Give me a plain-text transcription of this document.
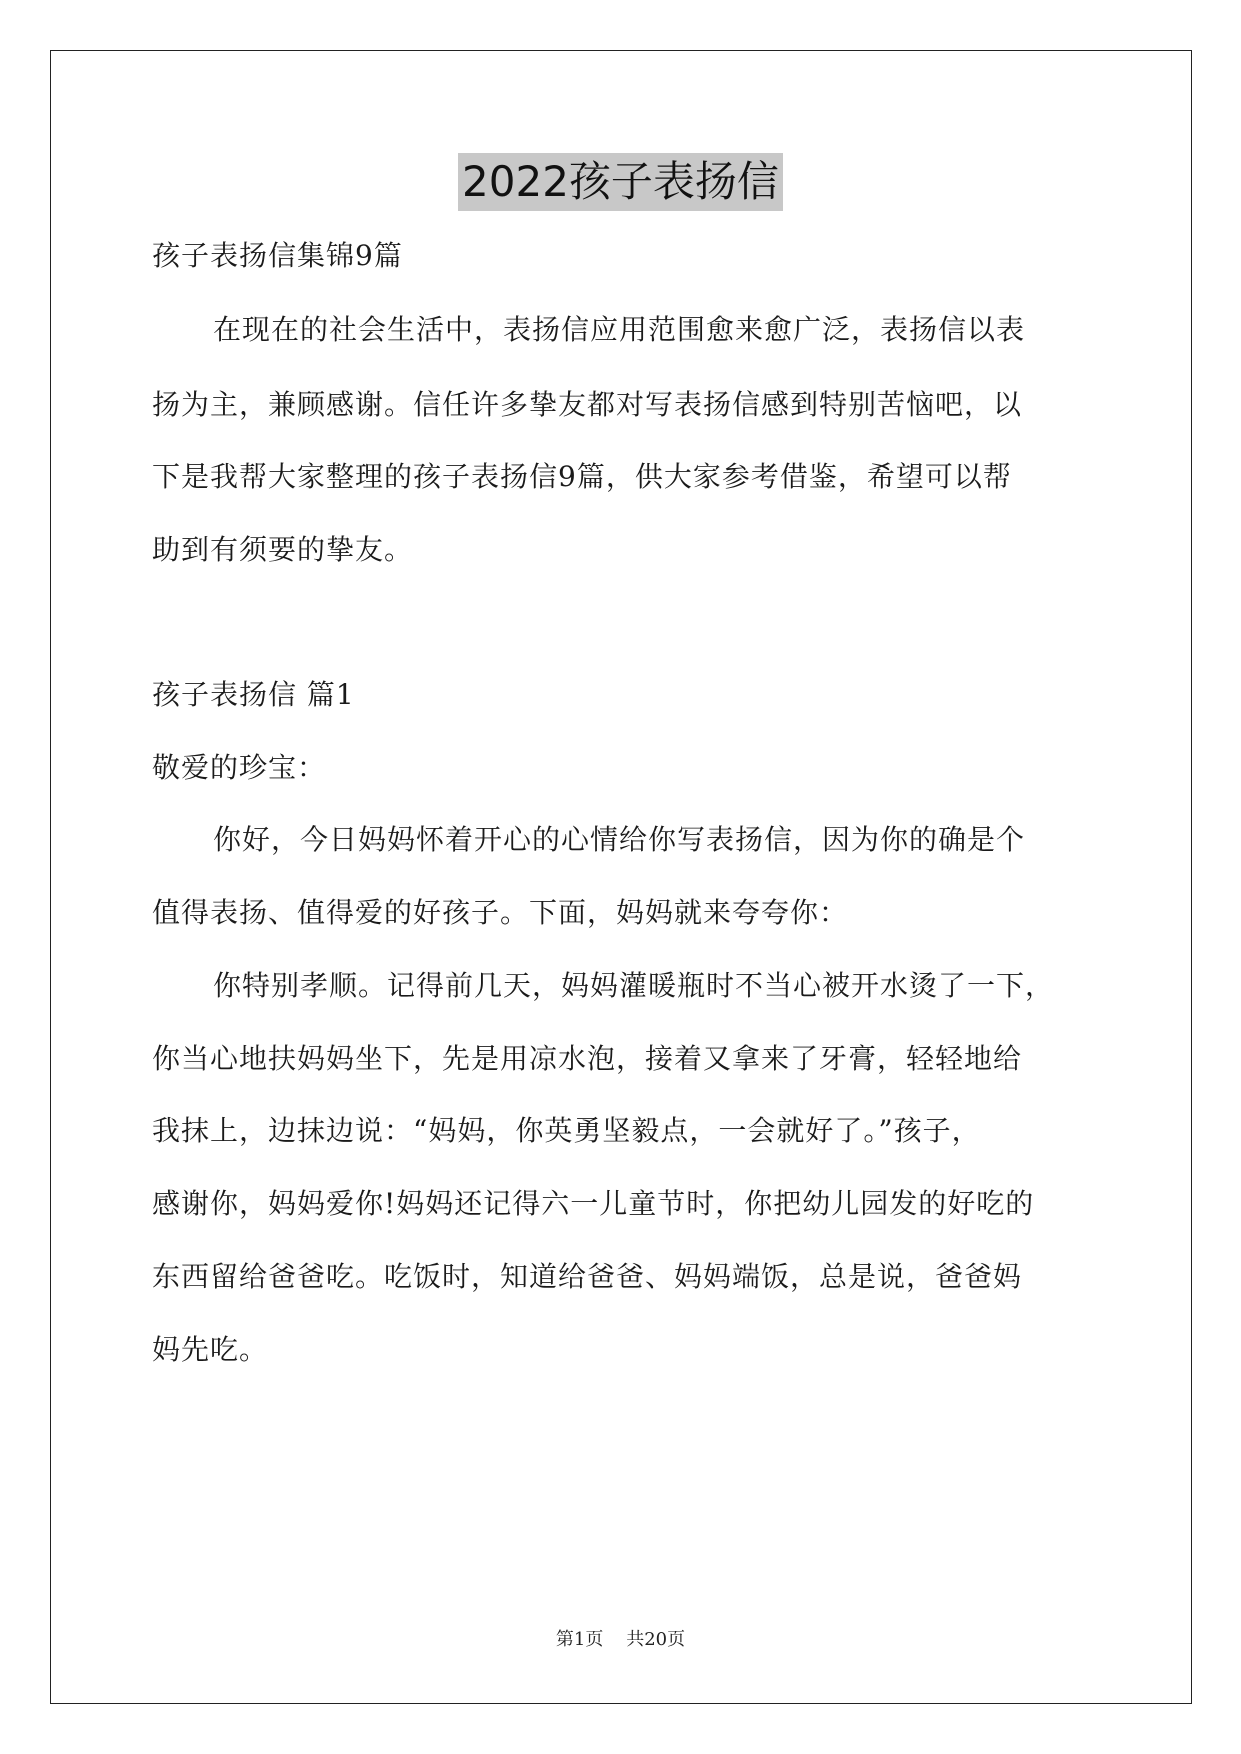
2022孩子表扬信
孩子表扬信集锦9篇
在现在的社会生活中，表扬信应用范围愈来愈广泛，表扬信以表
扬为主，兼顾感谢。信任许多挚友都对写表扬信感到特别苦恼吧，以
下是我帮大家整理的孩子表扬信9篇，供大家参考借鉴，希望可以帮
助到有须要的挚友。
孩子表扬信 篇1
敬爱的珍宝：
你好，今日妈妈怀着开心的心情给你写表扬信，因为你的确是个
值得表扬、值得爱的好孩子。下面，妈妈就来夸夸你：
你特别孝顺。记得前几天，妈妈灌暖瓶时不当心被开水烫了一下，
你当心地扶妈妈坐下，先是用凉水泡，接着又拿来了牙膏，轻轻地给
我抹上，边抹边说：“妈妈，你英勇坚毅点，一会就好了。”孩子，
感谢你，妈妈爱你!妈妈还记得六一儿童节时，你把幼儿园发的好吃的
东西留给爸爸吃。吃饭时，知道给爸爸、妈妈端饭，总是说，爸爸妈
妈先吃。
第1页 共20页
